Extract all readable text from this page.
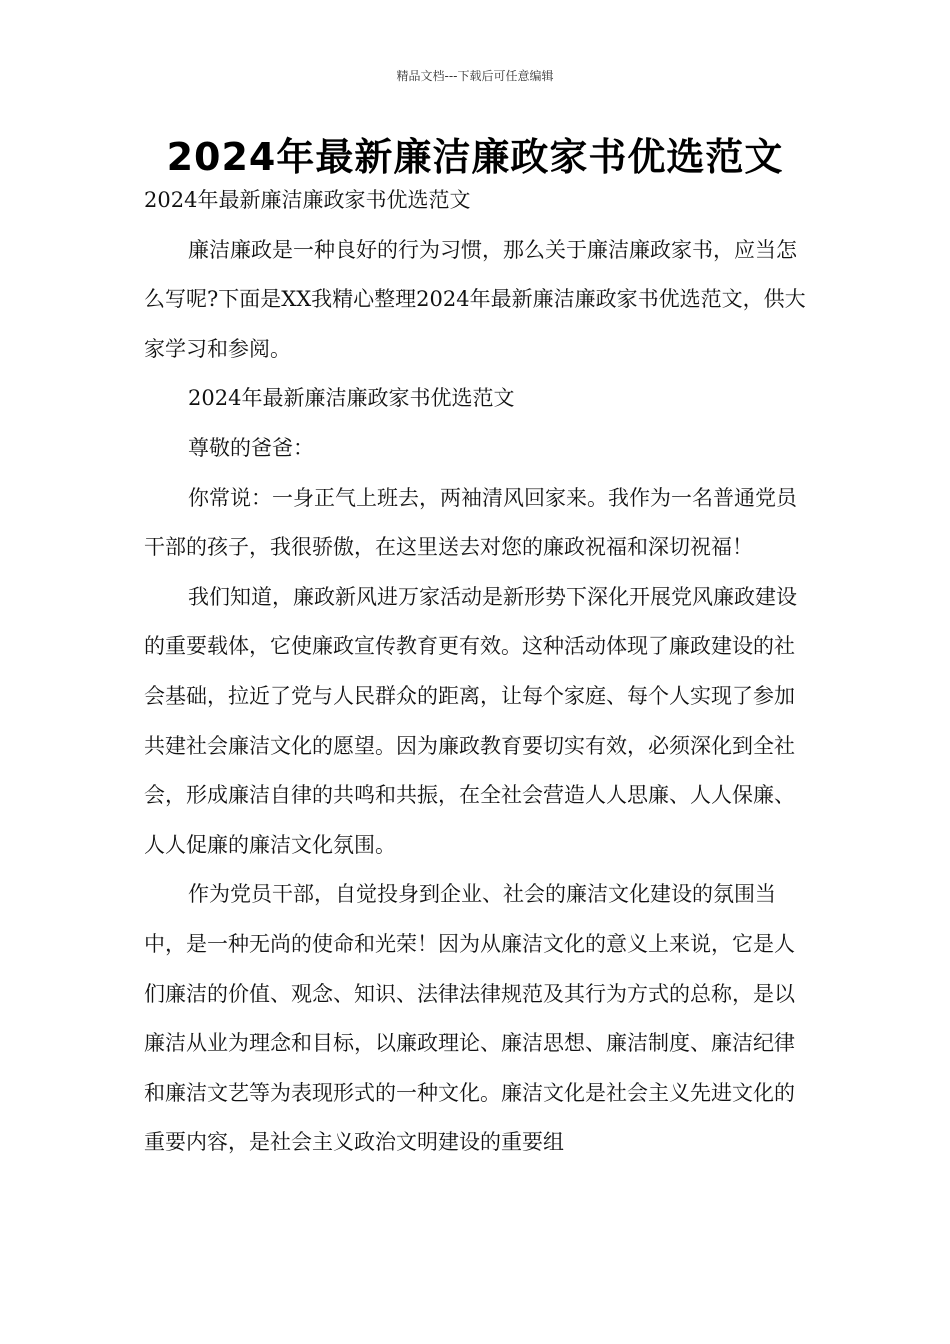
精品文档---下载后可任意编辑
2024年最新廉洁廉政家书优选范文

2024年最新廉洁廉政家书优选范文

廉洁廉政是一种良好的行为习惯，那么关于廉洁廉政家书，应当怎么写呢?下面是XX我精心整理2024年最新廉洁廉政家书优选范文，供大家学习和参阅。

2024年最新廉洁廉政家书优选范文

尊敬的爸爸：

你常说：一身正气上班去，两袖清风回家来。我作为一名普通党员干部的孩子，我很骄傲，在这里送去对您的廉政祝福和深切祝福！

我们知道，廉政新风进万家活动是新形势下深化开展党风廉政建设的重要载体，它使廉政宣传教育更有效。这种活动体现了廉政建设的社会基础，拉近了党与人民群众的距离，让每个家庭、每个人实现了参加共建社会廉洁文化的愿望。因为廉政教育要切实有效，必须深化到全社会，形成廉洁自律的共鸣和共振，在全社会营造人人思廉、人人保廉、人人促廉的廉洁文化氛围。

作为党员干部，自觉投身到企业、社会的廉洁文化建设的氛围当中，是一种无尚的使命和光荣！因为从廉洁文化的意义上来说，它是人们廉洁的价值、观念、知识、法律法律规范及其行为方式的总称，是以廉洁从业为理念和目标，以廉政理论、廉洁思想、廉洁制度、廉洁纪律和廉洁文艺等为表现形式的一种文化。廉洁文化是社会主义先进文化的重要内容，是社会主义政治文明建设的重要组
